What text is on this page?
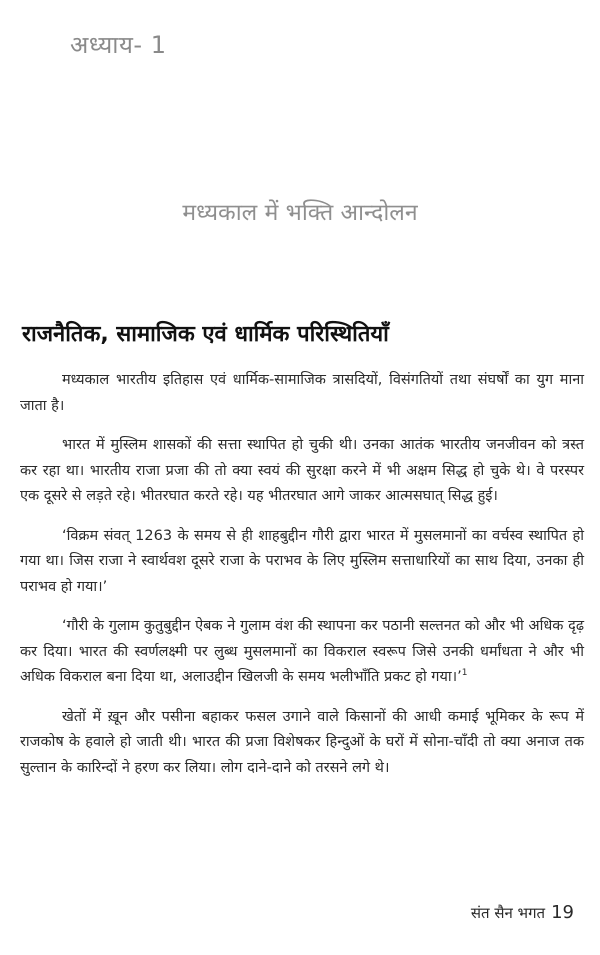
अध्याय- 1
मध्यकाल में भक्ति आन्दोलन
राजनैतिक, सामाजिक एवं धार्मिक परिस्थितियाँ

मध्यकाल भारतीय इतिहास एवं धार्मिक-सामाजिक त्रासदियों, विसंगतियों तथा संघर्षों का युग माना जाता है।

भारत में मुस्लिम शासकों की सत्ता स्थापित हो चुकी थी। उनका आतंक भारतीय जनजीवन को त्रस्त कर रहा था। भारतीय राजा प्रजा की तो क्या स्वयं की सुरक्षा करने में भी अक्षम सिद्ध हो चुके थे। वे परस्पर एक दूसरे से लड़ते रहे। भीतरघात करते रहे। यह भीतरघात आगे जाकर आत्मसघात् सिद्ध हुई।

‘विक्रम संवत् 1263 के समय से ही शाहबुद्दीन गौरी द्वारा भारत में मुसलमानों का वर्चस्व स्थापित हो गया था। जिस राजा ने स्वार्थवश दूसरे राजा के पराभव के लिए मुस्लिम सत्ताधारियों का साथ दिया, उनका ही पराभव हो गया।’

‘गौरी के गुलाम कुतुबुद्दीन ऐबक ने गुलाम वंश की स्थापना कर पठानी सल्तनत को और भी अधिक दृढ़ कर दिया। भारत की स्वर्णलक्ष्मी पर लुब्ध मुसलमानों का विकराल स्वरूप जिसे उनकी धर्मांधता ने और भी अधिक विकराल बना दिया था, अलाउद्दीन खिलजी के समय भलीभाँति प्रकट हो गया।’$^1$

खेतों में ख़ून और पसीना बहाकर फसल उगाने वाले किसानों की आधी कमाई भूमिकर के रूप में राजकोष के हवाले हो जाती थी। भारत की प्रजा विशेषकर हिन्दुओं के घरों में सोना-चाँदी तो क्या अनाज तक सुल्तान के कारिन्दों ने हरण कर लिया। लोग दाने-दाने को तरसने लगे थे।

संत सैन भगत 19
